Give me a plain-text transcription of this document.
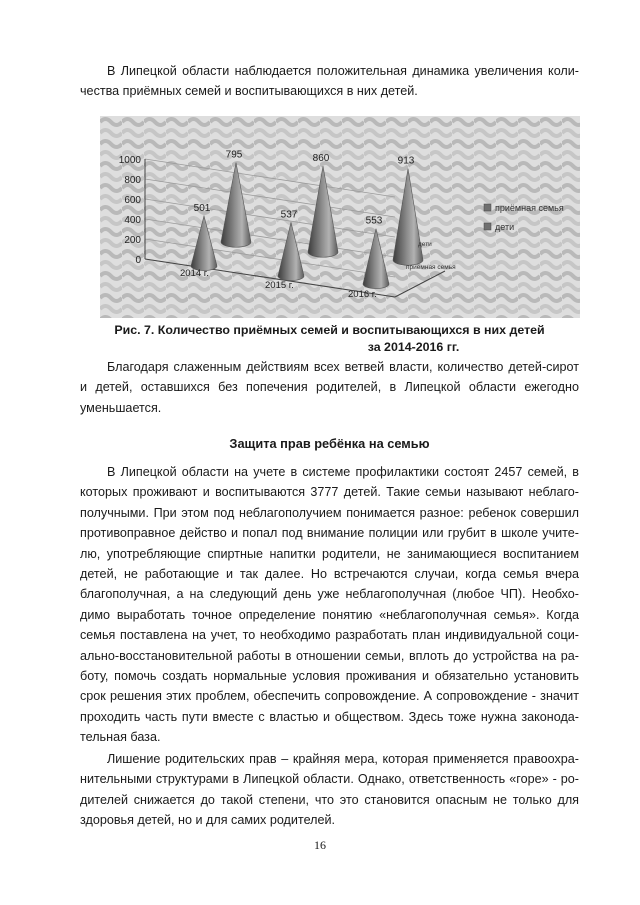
В Липецкой области наблюдается положительная динамика увеличения коли-
чества приёмных семей и воспитывающихся в них детей.

0
200
400
600
800
1000	795	860	913
501
537
553
2014 г.
2015 г.
2016 г.
дети
приёмная семья
приёмная семья
дети

Рис. 7. Количество приёмных семей и воспитывающихся в них детей
за 2014-2016 гг.

Благодаря слаженным действиям всех ветвей власти, количество детей-сирот
и детей, оставшихся без попечения родителей, в Липецкой области ежегодно
уменьшается.

Защита прав ребёнка на семью

В Липецкой области на учете в системе профилактики состоят 2457 семей, в
которых проживают и воспитываются 3777 детей. Такие семьи называют неблаго-
получными. При этом под неблагополучием понимается разное: ребенок совершил
противоправное действо и попал под внимание полиции или грубит в школе учите-
лю, употребляющие спиртные напитки родители, не занимающиеся воспитанием
детей, не работающие и так далее. Но встречаются случаи, когда семья вчера
благополучная, а на следующий день уже неблагополучная (любое ЧП). Необхо-
димо выработать точное определение понятию «неблагополучная семья». Когда
семья поставлена на учет, то необходимо разработать план индивидуальной соци-
ально-восстановительной работы в отношении семьи, вплоть до устройства на ра-
боту, помочь создать нормальные условия проживания и обязательно установить
срок решения этих проблем, обеспечить сопровождение. А сопровождение - значит
проходить часть пути вместе с властью и обществом. Здесь тоже нужна законода-
тельная база.

Лишение родительских прав – крайняя мера, которая применяется правоохра-
нительными структурами в Липецкой области. Однако, ответственность «горе» - ро-
дителей снижается до такой степени, что это становится опасным не только для
здоровья детей, но и для самих родителей.

16
